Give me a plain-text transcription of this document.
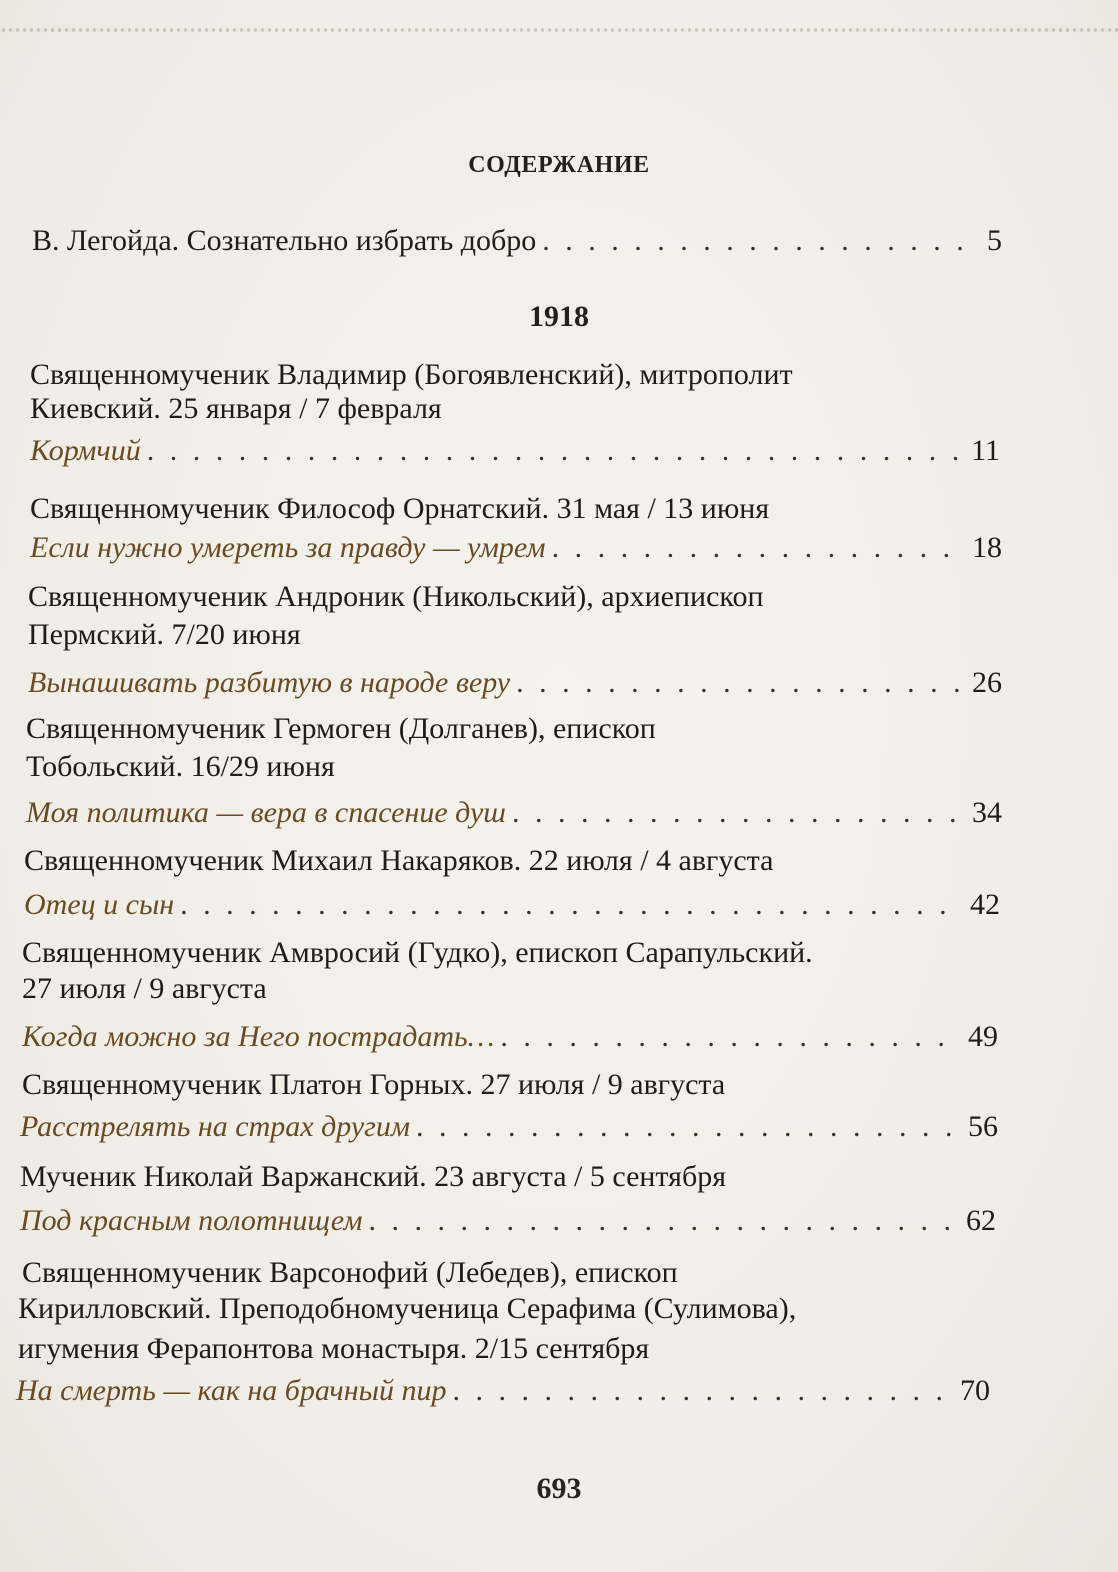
СОДЕРЖАНИЕ
В. Легойда. Сознательно избрать добро . . .	5
1918
Священномученик Владимир (Богоявленский), митрополит
Киевский. 25 января / 7 февраля
Кормчий . . .	11
Священномученик Философ Орнатский. 31 мая / 13 июня
Если нужно умереть за правду — умрем . . .	18
Священномученик Андроник (Никольский), архиепископ
Пермский. 7/20 июня
Вынашивать разбитую в народе веру . . .	26
Священномученик Гермоген (Долганев), епископ
Тобольский. 16/29 июня
Моя политика — вера в спасение душ . . .	34
Священномученик Михаил Накаряков. 22 июля / 4 августа
Отец и сын . . .	42
Священномученик Амвросий (Гудко), епископ Сарапульский.
27 июля / 9 августа
Когда можно за Него пострадать… . . .	49
Священномученик Платон Горных. 27 июля / 9 августа
Расстрелять на страх другим . . .	56
Мученик Николай Варжанский. 23 августа / 5 сентября
Под красным полотнищем . . .	62
Священномученик Варсонофий (Лебедев), епископ
Кирилловский. Преподобномученица Серафима (Сулимова),
игумения Ферапонтова монастыря. 2/15 сентября
На смерть — как на брачный пир . . .	70
693
